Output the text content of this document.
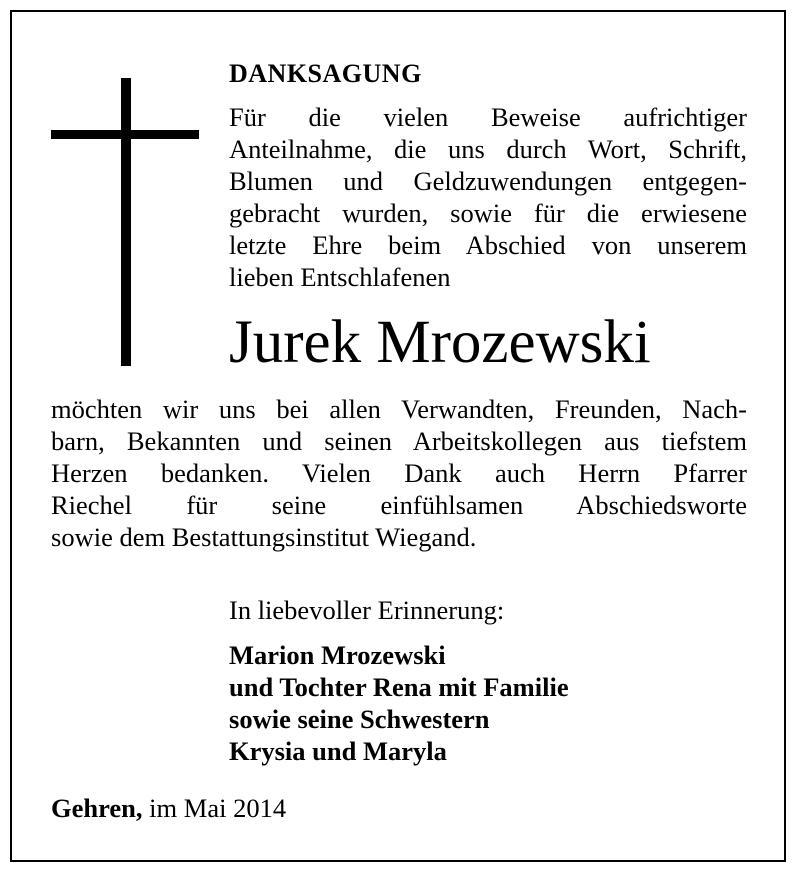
DANKSAGUNG
Für die vielen Beweise aufrichtiger
Anteilnahme, die uns durch Wort, Schrift,
Blumen und Geldzuwendungen entgegen-
gebracht wurden, sowie für die erwiesene
letzte Ehre beim Abschied von unserem
lieben Entschlafenen
Jurek Mrozewski
möchten wir uns bei allen Verwandten, Freunden, Nach-
barn, Bekannten und seinen Arbeitskollegen aus tiefstem
Herzen bedanken. Vielen Dank auch Herrn Pfarrer
Riechel für seine einfühlsamen Abschiedsworte
sowie dem Bestattungsinstitut Wiegand.
In liebevoller Erinnerung:
Marion Mrozewski
und Tochter Rena mit Familie
sowie seine Schwestern
Krysia und Maryla
Gehren, im Mai 2014
